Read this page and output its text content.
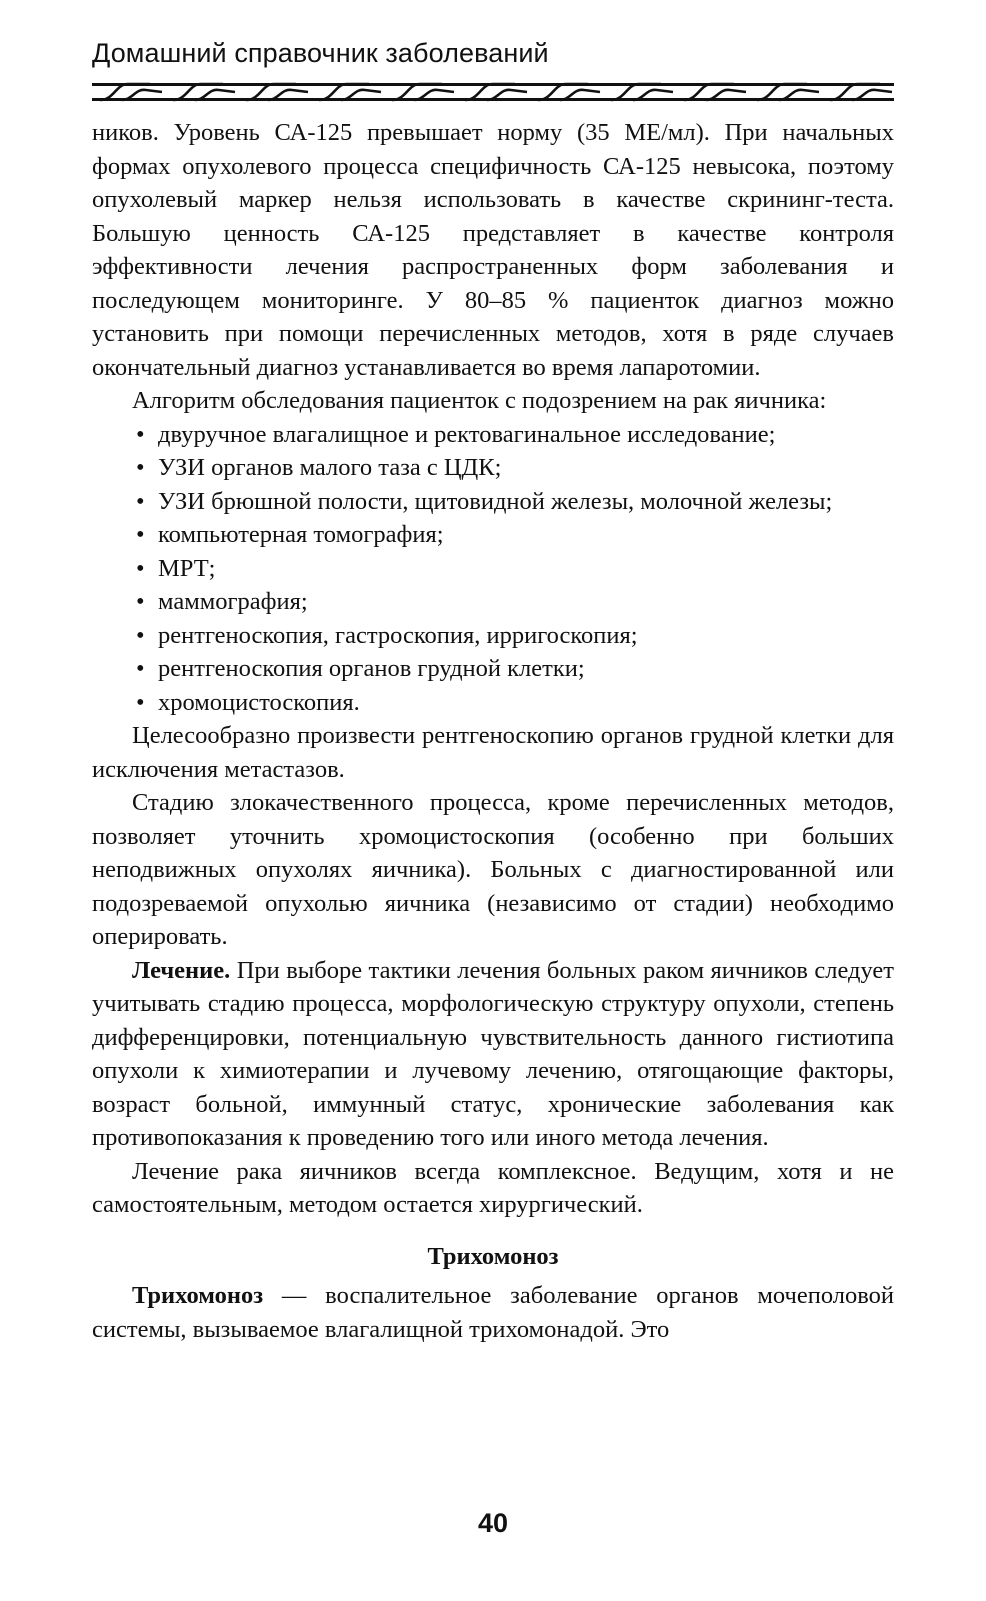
Домашний справочник заболеваний

ников. Уровень СА-125 превышает норму (35 МЕ/мл). При начальных формах опухолевого процесса специфичность СА-125 невысока, поэтому опухолевый маркер нельзя использовать в качестве скрининг-теста. Большую ценность СА-125 представляет в качестве контроля эффективности лечения распространенных форм заболевания и последующем мониторинге. У 80–85 % пациенток диагноз можно установить при помощи перечисленных методов, хотя в ряде случаев окончательный диагноз устанавливается во время лапаротомии.

Алгоритм обследования пациенток с подозрением на рак яичника:

• двуручное влагалищное и ректовагинальное исследование;
• УЗИ органов малого таза с ЦДК;
• УЗИ брюшной полости, щитовидной железы, молочной железы;
• компьютерная томография;
• МРТ;
• маммография;
• рентгеноскопия, гастроскопия, ирригоскопия;
• рентгеноскопия органов грудной клетки;
• хромоцистоскопия.

Целесообразно произвести рентгеноскопию органов грудной клетки для исключения метастазов.

Стадию злокачественного процесса, кроме перечисленных методов, позволяет уточнить хромоцистоскопия (особенно при больших неподвижных опухолях яичника). Больных с диагностированной или подозреваемой опухолью яичника (независимо от стадии) необходимо оперировать.

Лечение. При выборе тактики лечения больных раком яичников следует учитывать стадию процесса, морфологическую структуру опухоли, степень дифференцировки, потенциальную чувствительность данного гистиотипа опухоли к химиотерапии и лучевому лечению, отягощающие факторы, возраст больной, иммунный статус, хронические заболевания как противопоказания к проведению того или иного метода лечения.

Лечение рака яичников всегда комплексное. Ведущим, хотя и не самостоятельным, методом остается хирургический.

Трихомоноз

Трихомоноз — воспалительное заболевание органов мочеполовой системы, вызываемое влагалищной трихомонадой. Это

40
